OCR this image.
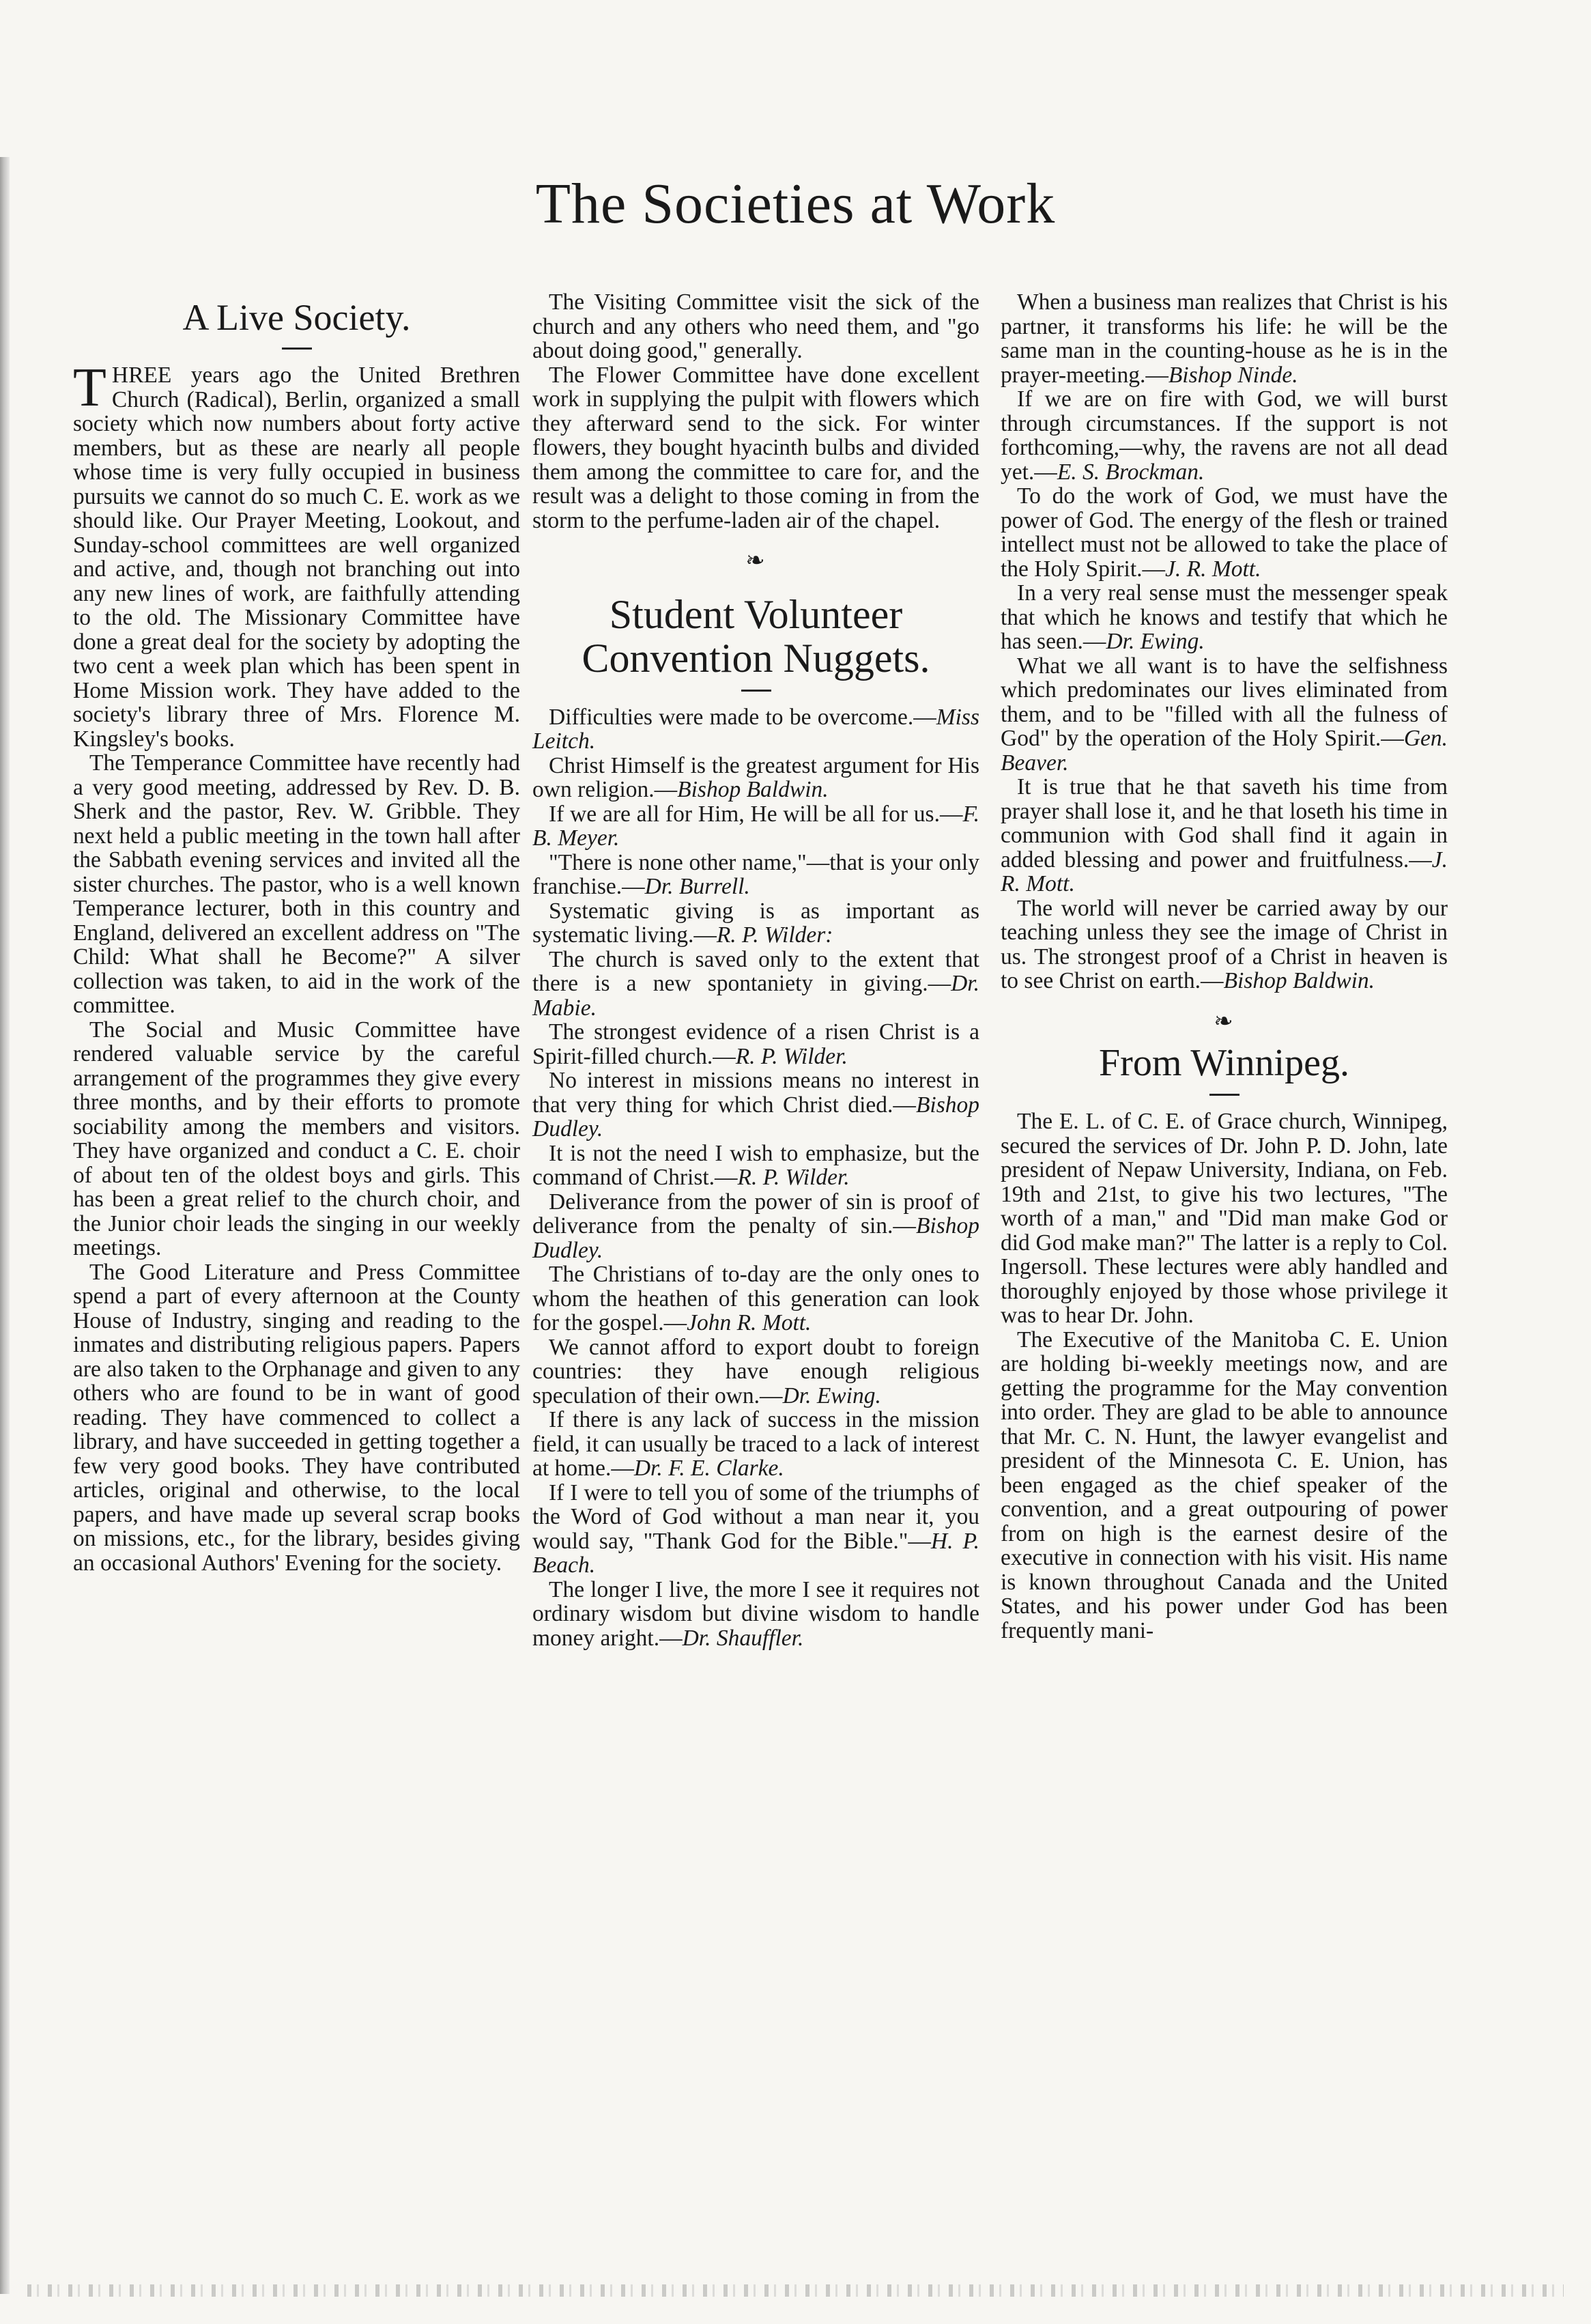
The Societies at Work
A Live Society.

THREE years ago the United Brethren Church (Radical), Berlin, organized a small society which now numbers about forty active members, but as these are nearly all people whose time is very fully occupied in business pursuits we cannot do so much C. E. work as we should like. Our Prayer Meeting, Lookout, and Sunday-school committees are well organized and active, and, though not branching out into any new lines of work, are faithfully attending to the old. The Missionary Committee have done a great deal for the society by adopting the two cent a week plan which has been spent in Home Mission work. They have added to the society's library three of Mrs. Florence M. Kingsley's books.

The Temperance Committee have recently had a very good meeting, addressed by Rev. D. B. Sherk and the pastor, Rev. W. Gribble. They next held a public meeting in the town hall after the Sabbath evening services and invited all the sister churches. The pastor, who is a well known Temperance lecturer, both in this country and England, delivered an excellent address on "The Child: What shall he Become?" A silver collection was taken, to aid in the work of the committee.

The Social and Music Committee have rendered valuable service by the careful arrangement of the programmes they give every three months, and by their efforts to promote sociability among the members and visitors. They have organized and conduct a C. E. choir of about ten of the oldest boys and girls. This has been a great relief to the church choir, and the Junior choir leads the singing in our weekly meetings.

The Good Literature and Press Committee spend a part of every afternoon at the County House of Industry, singing and reading to the inmates and distributing religious papers. Papers are also taken to the Orphanage and given to any others who are found to be in want of good reading. They have commenced to collect a library, and have succeeded in getting together a few very good books. They have contributed articles, original and otherwise, to the local papers, and have made up several scrap books on missions, etc., for the library, besides giving an occasional Authors' Evening for the society.

The Visiting Committee visit the sick of the church and any others who need them, and "go about doing good," generally.

The Flower Committee have done excellent work in supplying the pulpit with flowers which they afterward send to the sick. For winter flowers, they bought hyacinth bulbs and divided them among the committee to care for, and the result was a delight to those coming in from the storm to the perfume-laden air of the chapel.

❧
Student Volunteer Convention Nuggets.

Difficulties were made to be overcome.—Miss Leitch.

Christ Himself is the greatest argument for His own religion.—Bishop Baldwin.

If we are all for Him, He will be all for us.—F. B. Meyer.

"There is none other name,"—that is your only franchise.—Dr. Burrell.

Systematic giving is as important as systematic living.—R. P. Wilder:

The church is saved only to the extent that there is a new spontaniety in giving.—Dr. Mabie.

The strongest evidence of a risen Christ is a Spirit-filled church.—R. P. Wilder.

No interest in missions means no interest in that very thing for which Christ died.—Bishop Dudley.

It is not the need I wish to emphasize, but the command of Christ.—R. P. Wilder.

Deliverance from the power of sin is proof of deliverance from the penalty of sin.—Bishop Dudley.

The Christians of to-day are the only ones to whom the heathen of this generation can look for the gospel.—John R. Mott.

We cannot afford to export doubt to foreign countries: they have enough religious speculation of their own.—Dr. Ewing.

If there is any lack of success in the mission field, it can usually be traced to a lack of interest at home.—Dr. F. E. Clarke.

If I were to tell you of some of the triumphs of the Word of God without a man near it, you would say, "Thank God for the Bible."—H. P. Beach.

The longer I live, the more I see it requires not ordinary wisdom but divine wisdom to handle money aright.—Dr. Shauffler.

When a business man realizes that Christ is his partner, it transforms his life: he will be the same man in the counting-house as he is in the prayer-meeting.—Bishop Ninde.

If we are on fire with God, we will burst through circumstances. If the support is not forthcoming,—why, the ravens are not all dead yet.—E. S. Brockman.

To do the work of God, we must have the power of God. The energy of the flesh or trained intellect must not be allowed to take the place of the Holy Spirit.—J. R. Mott.

In a very real sense must the messenger speak that which he knows and testify that which he has seen.—Dr. Ewing.

What we all want is to have the selfishness which predominates our lives eliminated from them, and to be "filled with all the fulness of God" by the operation of the Holy Spirit.—Gen. Beaver.

It is true that he that saveth his time from prayer shall lose it, and he that loseth his time in communion with God shall find it again in added blessing and power and fruitfulness.—J. R. Mott.

The world will never be carried away by our teaching unless they see the image of Christ in us. The strongest proof of a Christ in heaven is to see Christ on earth.—Bishop Baldwin.

❧
From Winnipeg.

The E. L. of C. E. of Grace church, Winnipeg, secured the services of Dr. John P. D. John, late president of Nepaw University, Indiana, on Feb. 19th and 21st, to give his two lectures, "The worth of a man," and "Did man make God or did God make man?" The latter is a reply to Col. Ingersoll. These lectures were ably handled and thoroughly enjoyed by those whose privilege it was to hear Dr. John.

The Executive of the Manitoba C. E. Union are holding bi-weekly meetings now, and are getting the programme for the May convention into order. They are glad to be able to announce that Mr. C. N. Hunt, the lawyer evangelist and president of the Minnesota C. E. Union, has been engaged as the chief speaker of the convention, and a great outpouring of power from on high is the earnest desire of the executive in connection with his visit. His name is known throughout Canada and the United States, and his power under God has been frequently mani-
